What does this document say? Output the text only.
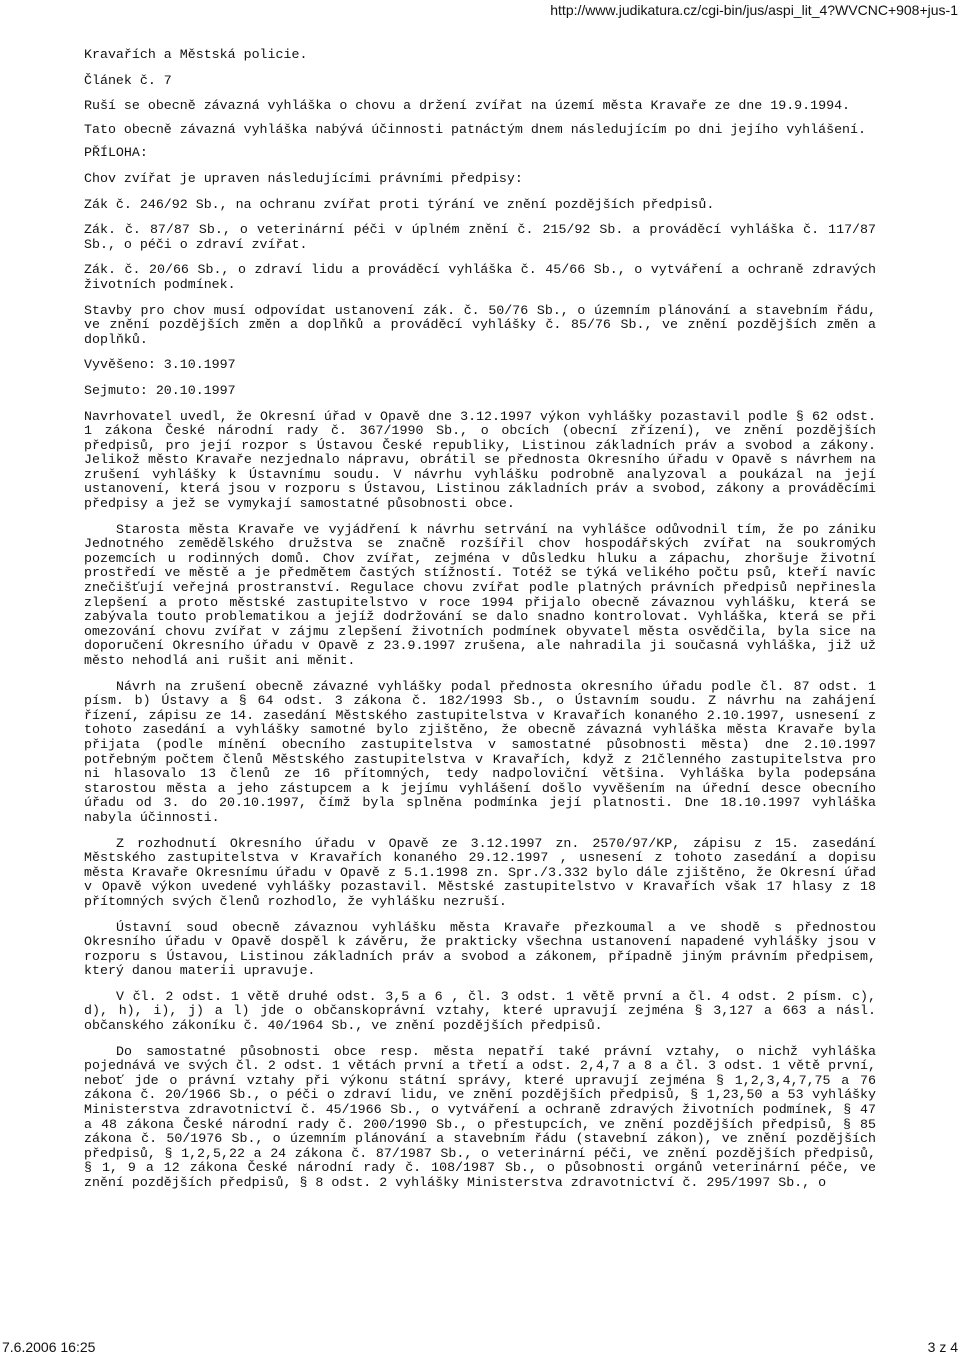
http://www.judikatura.cz/cgi-bin/jus/aspi_lit_4?WVCNC+908+jus-1

Kravařích a Městská policie.

Článek č. 7

Ruší se obecně závazná vyhláška o chovu a držení zvířat na území města Kravaře ze dne 19.9.1994.

Tato obecně závazná vyhláška nabývá účinnosti patnáctým dnem následujícím po dni jejího vyhlášení.

PŘÍLOHA:

Chov zvířat je upraven následujícími právními předpisy:

Zák č. 246/92 Sb., na ochranu zvířat proti týrání ve znění pozdějších předpisů.

Zák. č. 87/87 Sb., o veterinární péči v úplném znění č. 215/92 Sb. a prováděcí vyhláška č. 117/87 Sb., o péči o zdraví zvířat.

Zák. č. 20/66 Sb., o zdraví lidu a prováděcí vyhláška č. 45/66 Sb., o vytváření a ochraně zdravých životních podmínek.

Stavby pro chov musí odpovídat ustanovení zák. č. 50/76 Sb., o územním plánování a stavebním řádu, ve znění pozdějších změn a doplňků a prováděcí vyhlášky č. 85/76 Sb., ve znění pozdějších změn a doplňků.

Vyvěšeno: 3.10.1997

Sejmuto: 20.10.1997

Navrhovatel uvedl, že Okresní úřad v Opavě dne 3.12.1997 výkon vyhlášky pozastavil podle § 62 odst. 1 zákona České národní rady č. 367/1990 Sb., o obcích (obecní zřízení), ve znění pozdějších předpisů, pro její rozpor s Ústavou České republiky, Listinou základních práv a svobod a zákony. Jelikož město Kravaře nezjednalo nápravu, obrátil se přednosta Okresního úřadu v Opavě s návrhem na zrušení vyhlášky k Ústavnímu soudu. V návrhu vyhlášku podrobně analyzoval a poukázal na její ustanovení, která jsou v rozporu s Ústavou, Listinou základních práv a svobod, zákony a prováděcími předpisy a jež se vymykají samostatné působnosti obce.

Starosta města Kravaře ve vyjádření k návrhu setrvání na vyhlášce odůvodnil tím, že po zániku Jednotného zemědělského družstva se značně rozšířil chov hospodářských zvířat na soukromých pozemcích u rodinných domů. Chov zvířat, zejména v důsledku hluku a zápachu, zhoršuje životní prostředí ve městě a je předmětem častých stížností. Totéž se týká velikého počtu psů, kteří navíc znečišťují veřejná prostranství. Regulace chovu zvířat podle platných právních předpisů nepřinesla zlepšení a proto městské zastupitelstvo v roce 1994 přijalo obecně závaznou vyhlášku, která se zabývala touto problematikou a jejíž dodržování se dalo snadno kontrolovat. Vyhláška, která se při omezování chovu zvířat v zájmu zlepšení životních podmínek obyvatel města osvědčila, byla sice na doporučení Okresního úřadu v Opavě z 23.9.1997 zrušena, ale nahradila ji současná vyhláška, již už město nehodlá ani rušit ani měnit.

Návrh na zrušení obecně závazné vyhlášky podal přednosta okresního úřadu podle čl. 87 odst. 1 písm. b) Ústavy a § 64 odst. 3 zákona č. 182/1993 Sb., o Ústavním soudu. Z návrhu na zahájení řízení, zápisu ze 14. zasedání Městského zastupitelstva v Kravařích konaného 2.10.1997, usnesení z tohoto zasedání a vyhlášky samotné bylo zjištěno, že obecně závazná vyhláška města Kravaře byla přijata (podle mínění obecního zastupitelstva v samostatné působnosti města) dne 2.10.1997 potřebným počtem členů Městského zastupitelstva v Kravařích, když z 21členného zastupitelstva pro ni hlasovalo 13 členů ze 16 přítomných, tedy nadpoloviční většina. Vyhláška byla podepsána starostou města a jeho zástupcem a k jejímu vyhlášení došlo vyvěšením na úřední desce obecního úřadu od 3. do 20.10.1997, čímž byla splněna podmínka její platnosti. Dne 18.10.1997 vyhláška nabyla účinnosti.

Z rozhodnutí Okresního úřadu v Opavě ze 3.12.1997 zn. 2570/97/KP, zápisu z 15. zasedání Městského zastupitelstva v Kravařích konaného 29.12.1997 , usnesení z tohoto zasedání a dopisu města Kravaře Okresnímu úřadu v Opavě z 5.1.1998 zn. Spr./3.332 bylo dále zjištěno, že Okresní úřad v Opavě výkon uvedené vyhlášky pozastavil. Městské zastupitelstvo v Kravařích však 17 hlasy z 18 přítomných svých členů rozhodlo, že vyhlášku nezruší.

Ústavní soud obecně závaznou vyhlášku města Kravaře přezkoumal a ve shodě s přednostou Okresního úřadu v Opavě dospěl k závěru, že prakticky všechna ustanovení napadené vyhlášky jsou v rozporu s Ústavou, Listinou základních práv a svobod a zákonem, případně jiným právním předpisem, který danou materii upravuje.

V čl. 2 odst. 1 větě druhé odst. 3,5 a 6 , čl. 3 odst. 1 větě první a čl. 4 odst. 2 písm. c), d), h), i), j) a l) jde o občanskoprávní vztahy, které upravují zejména § 3,127 a 663 a násl. občanského zákoníku č. 40/1964 Sb., ve znění pozdějších předpisů.

Do samostatné působnosti obce resp. města nepatří také právní vztahy, o nichž vyhláška pojednává ve svých čl. 2 odst. 1 větách první a třetí a odst. 2,4,7 a 8 a čl. 3 odst. 1 větě první, neboť jde o právní vztahy při výkonu státní správy, které upravují zejména § 1,2,3,4,7,75 a 76 zákona č. 20/1966 Sb., o péči o zdraví lidu, ve znění pozdějších předpisů, § 1,23,50 a 53 vyhlášky Ministerstva zdravotnictví č. 45/1966 Sb., o vytváření a ochraně zdravých životních podmínek, § 47 a 48 zákona České národní rady č. 200/1990 Sb., o přestupcích, ve znění pozdějších předpisů, § 85 zákona č. 50/1976 Sb., o územním plánování a stavebním řádu (stavební zákon), ve znění pozdějších předpisů, § 1,2,5,22 a 24 zákona č. 87/1987 Sb., o veterinární péči, ve znění pozdějších předpisů, § 1, 9 a 12 zákona České národní rady č. 108/1987 Sb., o působnosti orgánů veterinární péče, ve znění pozdějších předpisů, § 8 odst. 2 vyhlášky Ministerstva zdravotnictví č. 295/1997 Sb., o

7.6.2006 16:25	3 z 4
